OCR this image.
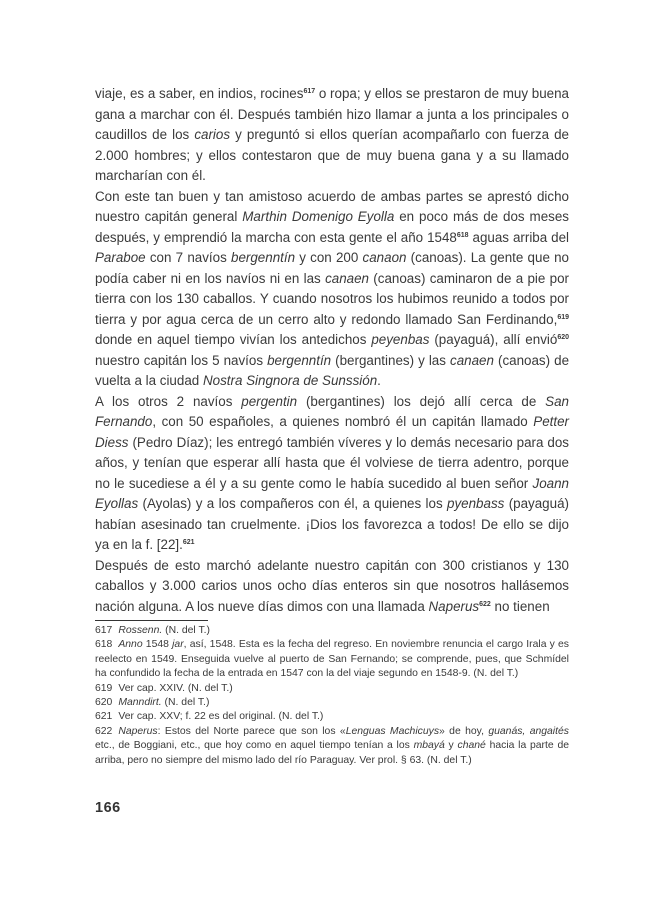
viaje, es a saber, en indios, rocines$^{617}$ o ropa; y ellos se prestaron de muy buena gana a marchar con él. Después también hizo llamar a junta a los principales o caudillos de los carios y preguntó si ellos querían acompañarlo con fuerza de 2.000 hombres; y ellos contestaron que de muy buena gana y a su llamado marcharían con él.

Con este tan buen y tan amistoso acuerdo de ambas partes se aprestó dicho nuestro capitán general Marthin Domenigo Eyolla en poco más de dos meses después, y emprendió la marcha con esta gente el año 1548$^{618}$ aguas arriba del Paraboe con 7 navíos bergenntín y con 200 canaon (canoas). La gente que no podía caber ni en los navíos ni en las canaen (canoas) caminaron de a pie por tierra con los 130 caballos. Y cuando nosotros los hubimos reunido a todos por tierra y por agua cerca de un cerro alto y redondo llamado San Ferdinando,$^{619}$ donde en aquel tiempo vivían los antedichos peyenbas (payaguá), allí envió$^{620}$ nuestro capitán los 5 navíos bergenntín (bergantines) y las canaen (canoas) de vuelta a la ciudad Nostra Singnora de Sunssión.

A los otros 2 navíos pergentin (bergantines) los dejó allí cerca de San Fernando, con 50 españoles, a quienes nombró él un capitán llamado Petter Diess (Pedro Díaz); les entregó también víveres y lo demás necesario para dos años, y tenían que esperar allí hasta que él volviese de tierra adentro, porque no le sucediese a él y a su gente como le había sucedido al buen señor Joann Eyollas (Ayolas) y a los compañeros con él, a quienes los pyenbass (payaguá) habían asesinado tan cruelmente. ¡Dios los favorezca a todos! De ello se dijo ya en la f. [22].$^{621}$

Después de esto marchó adelante nuestro capitán con 300 cristianos y 130 caballos y 3.000 carios unos ocho días enteros sin que nosotros hallásemos nación alguna. A los nueve días dimos con una llamada Naperus$^{622}$ no tienen

617 Rossenn. (N. del T.)
618 Anno 1548 jar, así, 1548. Esta es la fecha del regreso. En noviembre renuncia el cargo Irala y es reelecto en 1549. Enseguida vuelve al puerto de San Fernando; se comprende, pues, que Schmídel ha confundido la fecha de la entrada en 1547 con la del viaje segundo en 1548-9. (N. del T.)
619 Ver cap. XXIV. (N. del T.)
620 Manndirt. (N. del T.)
621 Ver cap. XXV; f. 22 es del original. (N. del T.)
622 Naperus: Estos del Norte parece que son los «Lenguas Machicuys» de hoy, guanás, angaités etc., de Boggiani, etc., que hoy como en aquel tiempo tenían a los mbayá y chané hacia la parte de arriba, pero no siempre del mismo lado del río Paraguay. Ver prol. § 63. (N. del T.)
166
